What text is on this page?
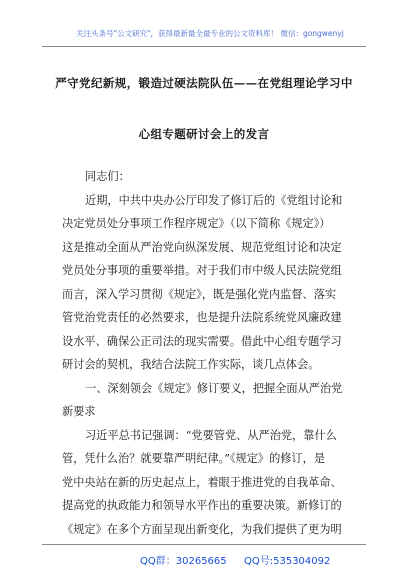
关注头条号"公文研究"，获得最新最全最专业的公文资料库！ 微信：gongwenyj
严守党纪新规，锻造过硬法院队伍——在党组理论学习中
心组专题研讨会上的发言
同志们：
近期，中共中央办公厅印发了修订后的《党组讨论和
决定党员处分事项工作程序规定》（以下简称《规定》）
这是推动全面从严治党向纵深发展、规范党组讨论和决定
党员处分事项的重要举措。对于我们市中级人民法院党组
而言，深入学习贯彻《规定》，既是强化党内监督、落实
管党治党责任的必然要求，也是提升法院系统党风廉政建
设水平、确保公正司法的现实需要。借此中心组专题学习
研讨会的契机，我结合法院工作实际，谈几点体会。
一、深刻领会《规定》修订要义，把握全面从严治党
新要求
习近平总书记强调：“党要管党、从严治党，靠什么
管，凭什么治？就要靠严明纪律。”《规定》的修订，是
党中央站在新的历史起点上，着眼于推进党的自我革命、
提高党的执政能力和领导水平作出的重要决策。新修订的
《规定》在多个方面呈现出新变化，为我们提供了更为明
QQ群：30265665 QQ号:535304092
